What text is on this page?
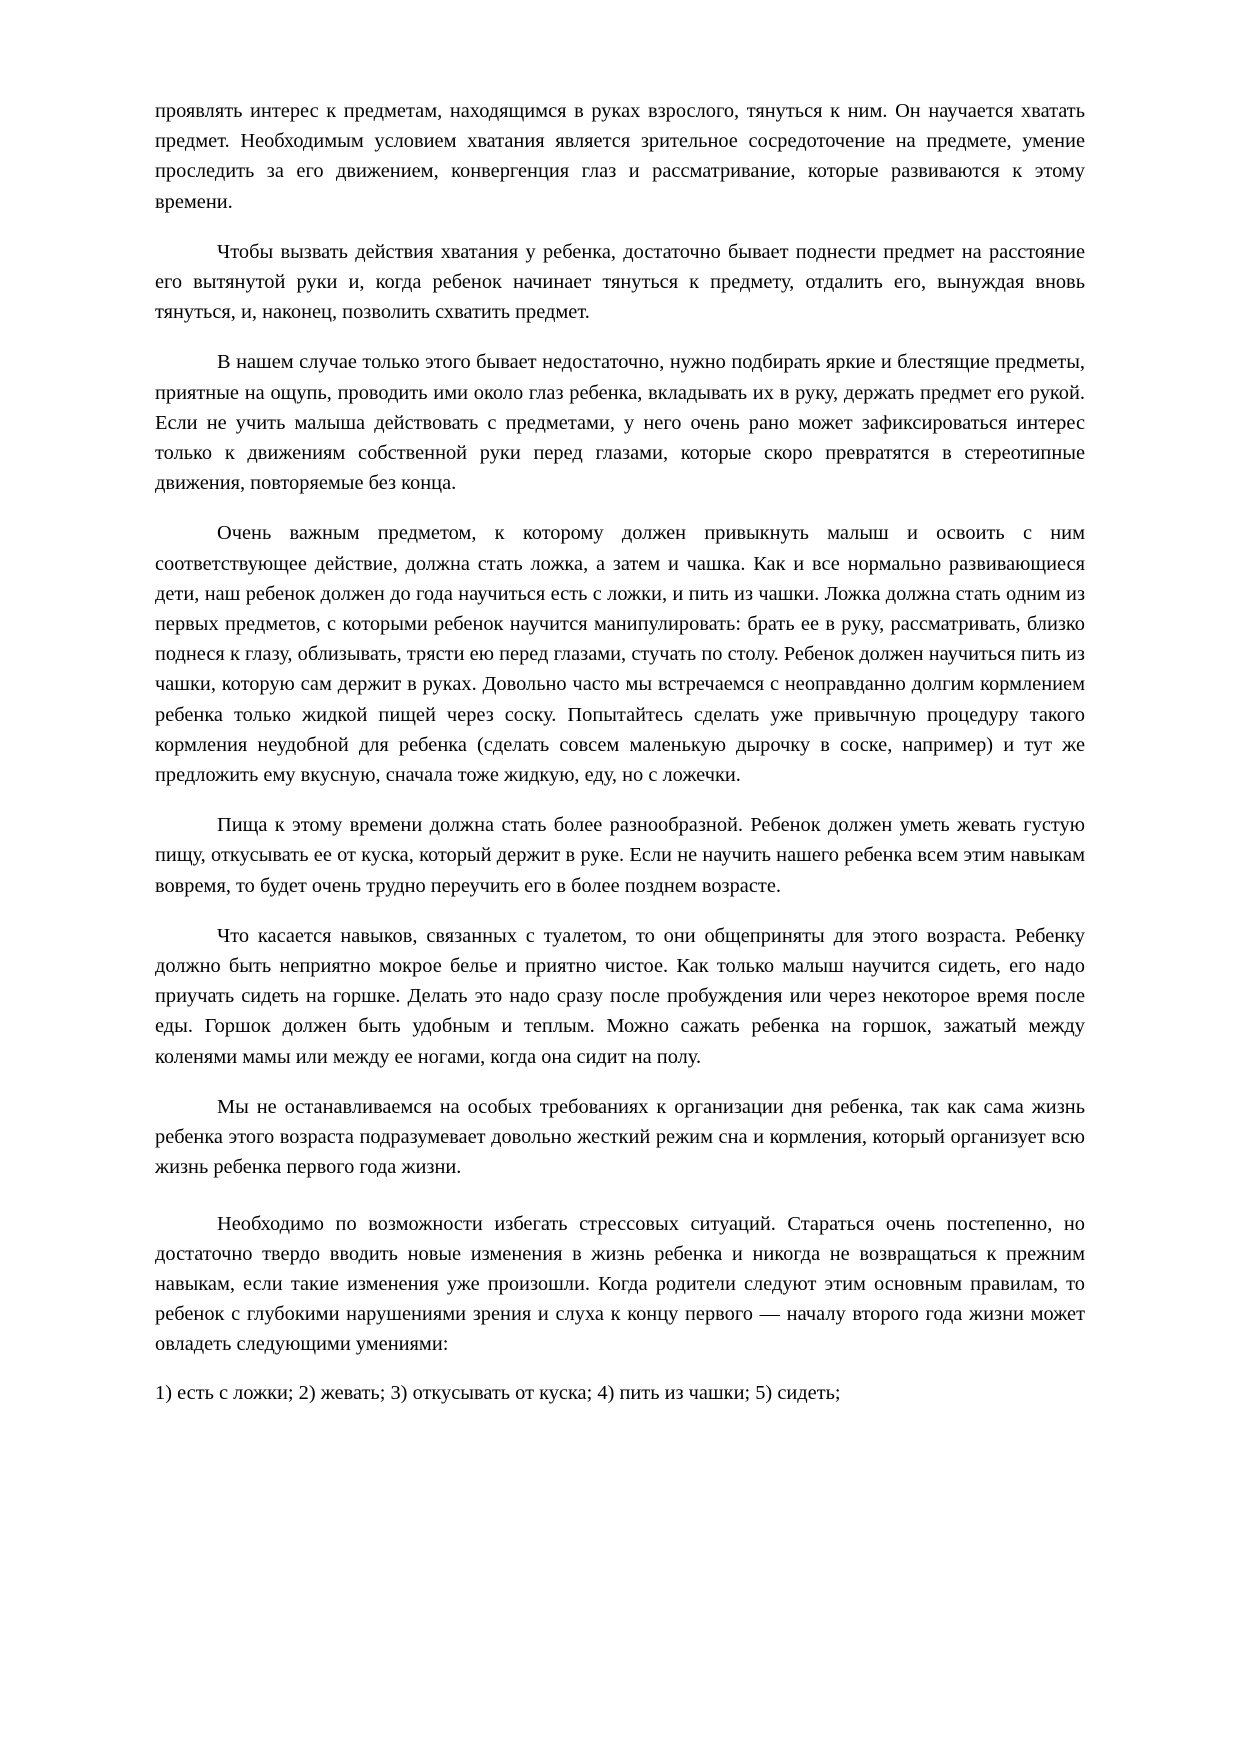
проявлять интерес к предметам, находящимся в руках взрослого, тянуться к ним. Он научается хватать предмет. Необходимым условием хватания является зрительное сосредоточение на предмете, умение проследить за его движением, конвергенция глаз и рассматривание, которые развиваются к этому времени.

Чтобы вызвать действия хватания у ребенка, достаточно бывает поднести предмет на расстояние его вытянутой руки и, когда ребенок начинает тянуться к предмету, отдалить его, вынуждая вновь тянуться, и, наконец, позволить схватить предмет.

В нашем случае только этого бывает недостаточно, нужно подбирать яркие и блестящие предметы, приятные на ощупь, проводить ими около глаз ребенка, вкладывать их в руку, держать предмет его рукой. Если не учить малыша действовать с предметами, у него очень рано может зафиксироваться интерес только к движениям собственной руки перед глазами, которые скоро превратятся в стереотипные движения, повторяемые без конца.

Очень важным предметом, к которому должен привыкнуть малыш и освоить с ним соответствующее действие, должна стать ложка, а затем и чашка. Как и все нормально развивающиеся дети, наш ребенок должен до года научиться есть с ложки, и пить из чашки. Ложка должна стать одним из первых предметов, с которыми ребенок научится манипулировать: брать ее в руку, рассматривать, близко поднеся к глазу, облизывать, трясти ею перед глазами, стучать по столу. Ребенок должен научиться пить из чашки, которую сам держит в руках. Довольно часто мы встречаемся с неоправданно долгим кормлением ребенка только жидкой пищей через соску. Попытайтесь сделать уже привычную процедуру такого кормления неудобной для ребенка (сделать совсем маленькую дырочку в соске, например) и тут же предложить ему вкусную, сначала тоже жидкую, еду, но с ложечки.

Пища к этому времени должна стать более разнообразной. Ребенок должен уметь жевать густую пищу, откусывать ее от куска, который держит в руке. Если не научить нашего ребенка всем этим навыкам вовремя, то будет очень трудно переучить его в более позднем возрасте.

Что касается навыков, связанных с туалетом, то они общеприняты для этого возраста. Ребенку должно быть неприятно мокрое белье и приятно чистое. Как только малыш научится сидеть, его надо приучать сидеть на горшке. Делать это надо сразу после пробуждения или через некоторое время после еды. Горшок должен быть удобным и теплым. Можно сажать ребенка на горшок, зажатый между коленями мамы или между ее ногами, когда она сидит на полу.

Мы не останавливаемся на особых требованиях к организации дня ребенка, так как сама жизнь ребенка этого возраста подразумевает довольно жесткий режим сна и кормления, который организует всю жизнь ребенка первого года жизни.

Необходимо по возможности избегать стрессовых ситуаций. Стараться очень постепенно, но достаточно твердо вводить новые изменения в жизнь ребенка и никогда не возвращаться к прежним навыкам, если такие изменения уже произошли. Когда родители следуют этим основным правилам, то ребенок с глубокими нарушениями зрения и слуха к концу первого — началу второго года жизни может овладеть следующими умениями:

1) есть с ложки; 2) жевать; 3) откусывать от куска; 4) пить из чашки; 5) сидеть;
